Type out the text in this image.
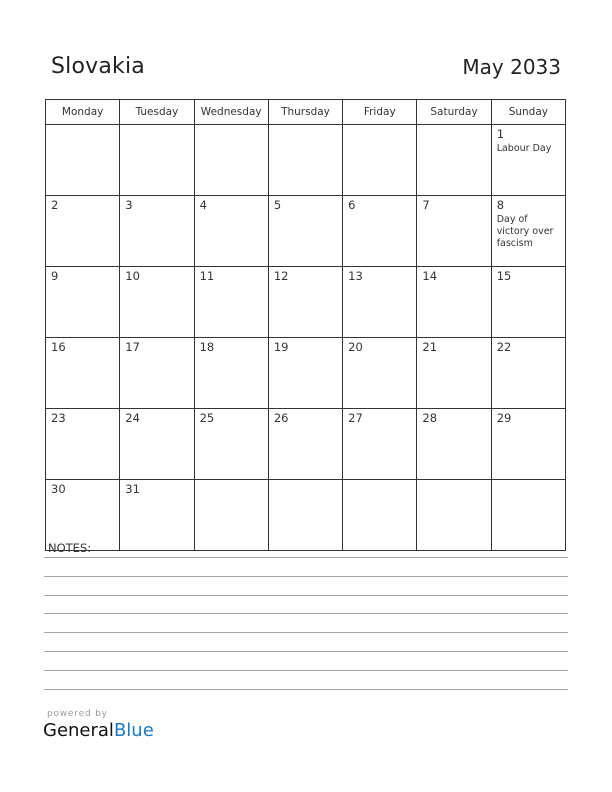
Slovakia	May 2033
Monday	Tuesday	Wednesday	Thursday	Friday	Saturday	Sunday

						1
Labour Day

2	3	4	5	6	7	8
Day of victory over fascism

9	10	11	12	13	14	15

16	17	18	19	20	21	22

23	24	25	26	27	28	29

30	31					

NOTES:
powered by
GeneralBlue
